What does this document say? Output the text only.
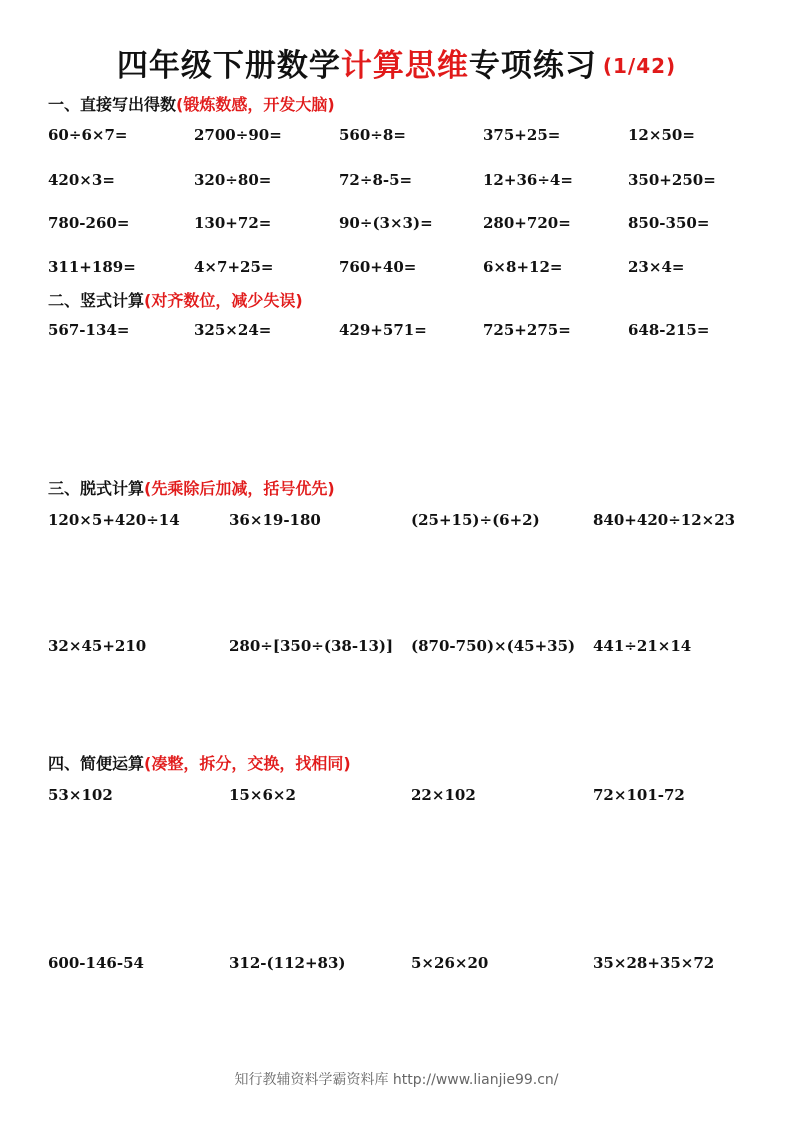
四年级下册数学计算思维专项练习 (1/42)
一、直接写出得数(锻炼数感，开发大脑)
60÷6×7=	2700÷90=	560÷8=	375+25=	12×50=
420×3=	320÷80=	72÷8-5=	12+36÷4=	350+250=
780-260=	130+72=	90÷(3×3)=	280+720=	850-350=
311+189=	4×7+25=	760+40=	6×8+12=	23×4=
二、竖式计算(对齐数位，减少失误)
567-134=	325×24=	429+571=	725+275=	648-215=
三、脱式计算(先乘除后加减，括号优先)
120×5+420÷14	36×19-180	(25+15)÷(6+2)	840+420÷12×23
32×45+210	280÷[350÷(38-13)] (870-750)×(45+35) 441÷21×14
四、简便运算(凑整，拆分，交换，找相同)
53×102	15×6×2	22×102	72×101-72
600-146-54	312-(112+83)	5×26×20	35×28+35×72
知行教辅资料学霸资料库 http://www.lianjie99.cn/
